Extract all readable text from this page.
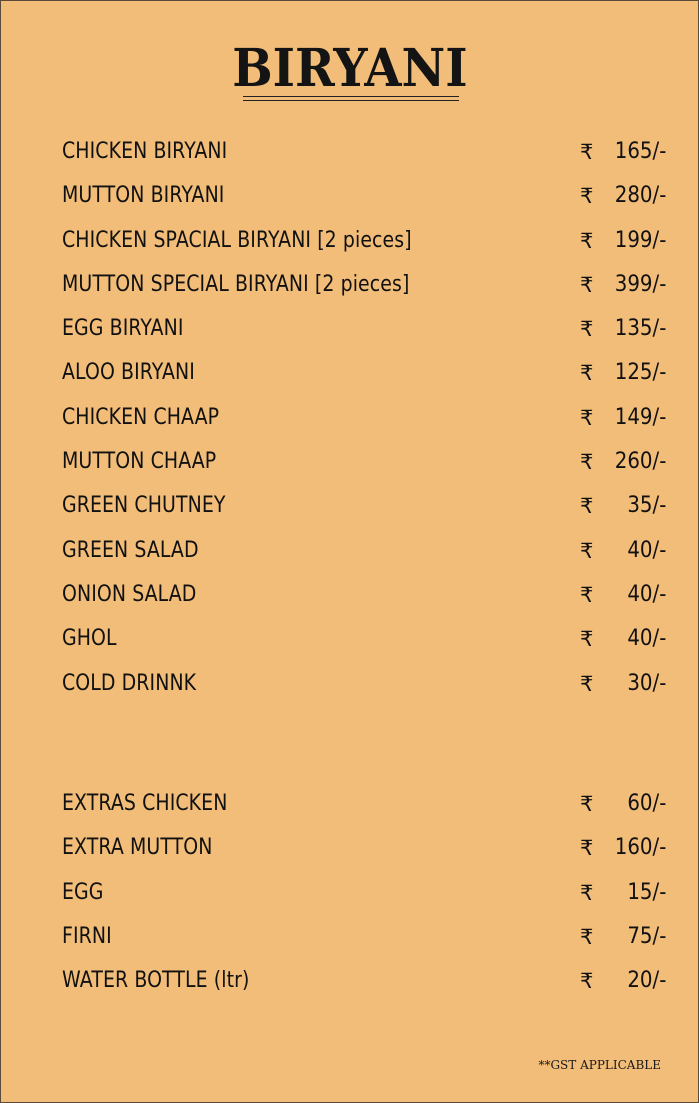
BIRYANI
CHICKEN BIRYANI	₹ 165/-
MUTTON BIRYANI	₹ 280/-
CHICKEN SPACIAL BIRYANI [2 pieces]	₹ 199/-
MUTTON SPECIAL BIRYANI [2 pieces]	₹ 399/-
EGG BIRYANI	₹ 135/-
ALOO BIRYANI	₹ 125/-
CHICKEN CHAAP	₹ 149/-
MUTTON CHAAP	₹ 260/-
GREEN CHUTNEY	₹ 35/-
GREEN SALAD	₹ 40/-
ONION SALAD	₹ 40/-
GHOL	₹ 40/-
COLD DRINNK	₹ 30/-
EXTRAS CHICKEN	₹ 60/-
EXTRA MUTTON	₹ 160/-
EGG	₹ 15/-
FIRNI	₹ 75/-
WATER BOTTLE (ltr)	₹ 20/-
**GST APPLICABLE
